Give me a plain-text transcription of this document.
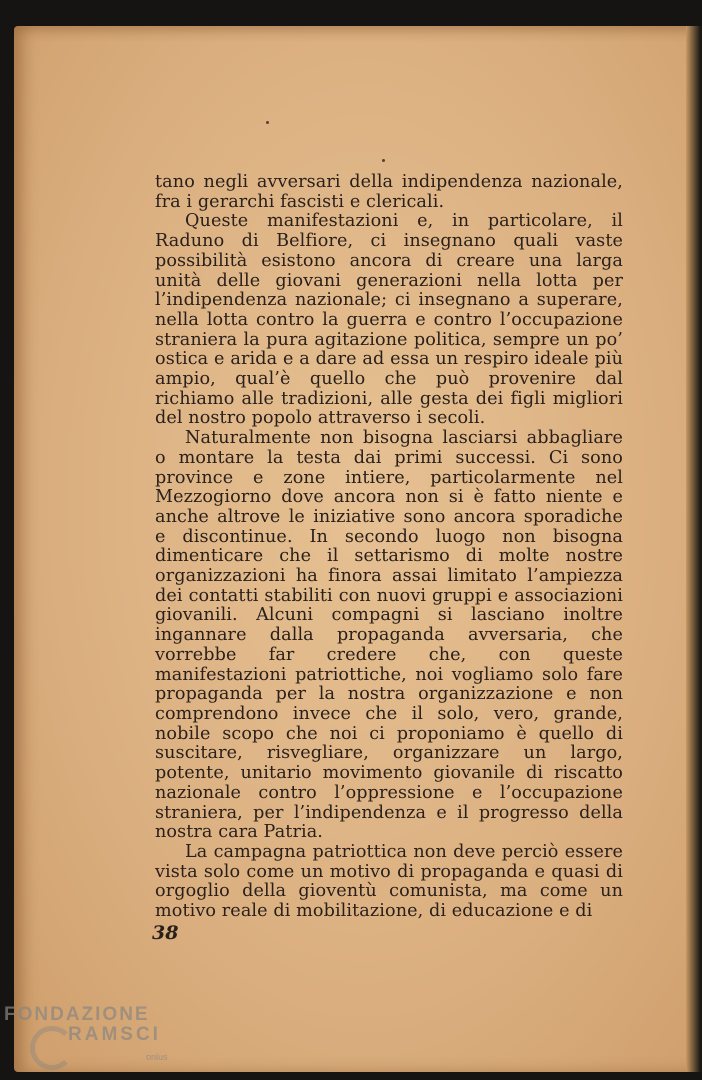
tano negli avversari della indipendenza nazionale, fra i gerarchi fascisti e clericali.

Queste manifestazioni e, in particolare, il Raduno di Belfiore, ci insegnano quali vaste possibilità esistono ancora di creare una larga unità delle giovani generazioni nella lotta per l’indipendenza nazionale; ci insegnano a superare, nella lotta contro la guerra e contro l’occupazione straniera la pura agitazione politica, sempre un po’ ostica e arida e a dare ad essa un respiro ideale più ampio, qual’è quello che può provenire dal richiamo alle tradizioni, alle gesta dei figli migliori del nostro popolo attraverso i secoli.

Naturalmente non bisogna lasciarsi abbagliare o montare la testa dai primi successi. Ci sono province e zone intiere, particolarmente nel Mezzogiorno dove ancora non si è fatto niente e anche altrove le iniziative sono ancora sporadiche e discontinue. In secondo luogo non bisogna dimenticare che il settarismo di molte nostre organizzazioni ha finora assai limitato l’ampiezza dei contatti stabiliti con nuovi gruppi e associazioni giovanili. Alcuni compagni si lasciano inoltre ingannare dalla propaganda avversaria, che vorrebbe far credere che, con queste manifestazioni patriottiche, noi vogliamo solo fare propaganda per la nostra organizzazione e non comprendono invece che il solo, vero, grande, nobile scopo che noi ci proponiamo è quello di suscitare, risvegliare, organizzare un largo, potente, unitario movimento giovanile di riscatto nazionale contro l’oppressione e l’occupazione straniera, per l’indipendenza e il progresso della nostra cara Patria.

La campagna patriottica non deve perciò essere vista solo come un motivo di propaganda e quasi di orgoglio della gioventù comunista, ma come un motivo reale di mobilitazione, di educazione e di

38
FONDAZIONE
RAMSCI
onlus
